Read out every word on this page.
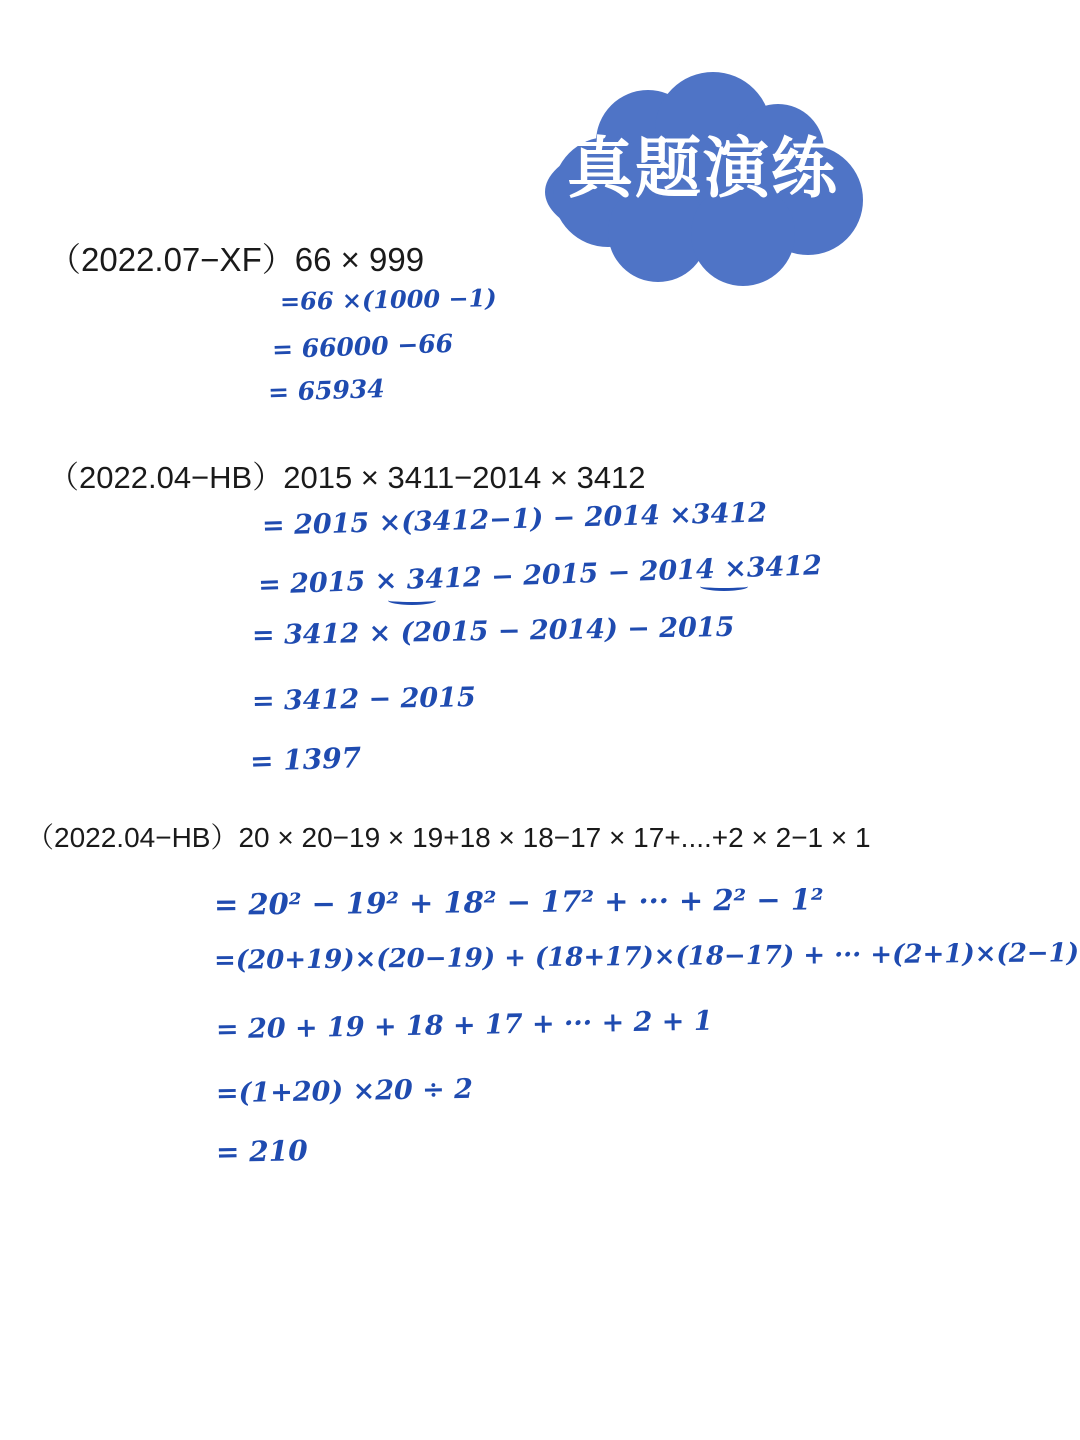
真题演练
（2022.07−XF）66 × 999
=66 ×(1000 −1)
= 66000 −66
= 65934
（2022.04−HB）2015 × 3411−2014 × 3412
= 2015 ×(3412−1) − 2014 ×3412
= 2015 × 3412 − 2015 − 2014 ×3412
= 3412 × (2015 − 2014) − 2015
= 3412 − 2015
= 1397
（2022.04−HB）20 × 20−19 × 19+18 × 18−17 × 17+....+2 × 2−1 × 1
= 20² − 19² + 18² − 17² + ··· + 2² − 1²
=(20+19)×(20−19) + (18+17)×(18−17) + ··· +(2+1)×(2−1)
= 20 + 19 + 18 + 17 + ··· + 2 + 1
=(1+20) ×20 ÷ 2
= 210
